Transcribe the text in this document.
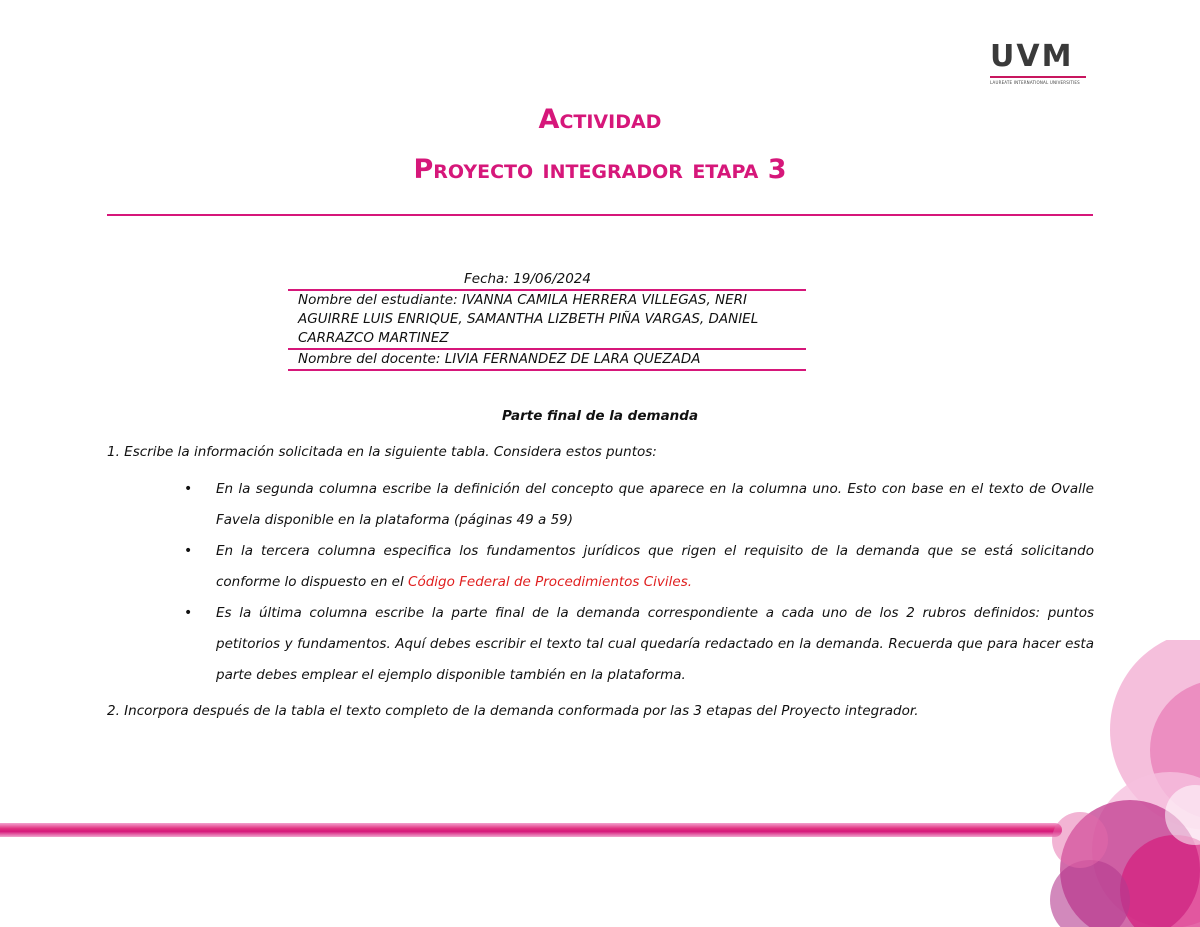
UVM
LAUREATE INTERNATIONAL UNIVERSITIES
Actividad
Proyecto integrador etapa 3
Fecha: 19/06/2024
Nombre del estudiante: IVANNA CAMILA HERRERA VILLEGAS, NERI AGUIRRE LUIS ENRIQUE, SAMANTHA LIZBETH PIÑA VARGAS, DANIEL CARRAZCO MARTINEZ
Nombre del docente: LIVIA FERNANDEZ DE LARA QUEZADA
Parte final de la demanda
1. Escribe la información solicitada en la siguiente tabla. Considera estos puntos:
• En la segunda columna escribe la definición del concepto que aparece en la columna uno. Esto con base en el texto de Ovalle Favela disponible en la plataforma (páginas 49 a 59)
• En la tercera columna especifica los fundamentos jurídicos que rigen el requisito de la demanda que se está solicitando conforme lo dispuesto en el Código Federal de Procedimientos Civiles.
• Es la última columna escribe la parte final de la demanda correspondiente a cada uno de los 2 rubros definidos: puntos petitorios y fundamentos. Aquí debes escribir el texto tal cual quedaría redactado en la demanda. Recuerda que para hacer esta parte debes emplear el ejemplo disponible también en la plataforma.
2. Incorpora después de la tabla el texto completo de la demanda conformada por las 3 etapas del Proyecto integrador.
